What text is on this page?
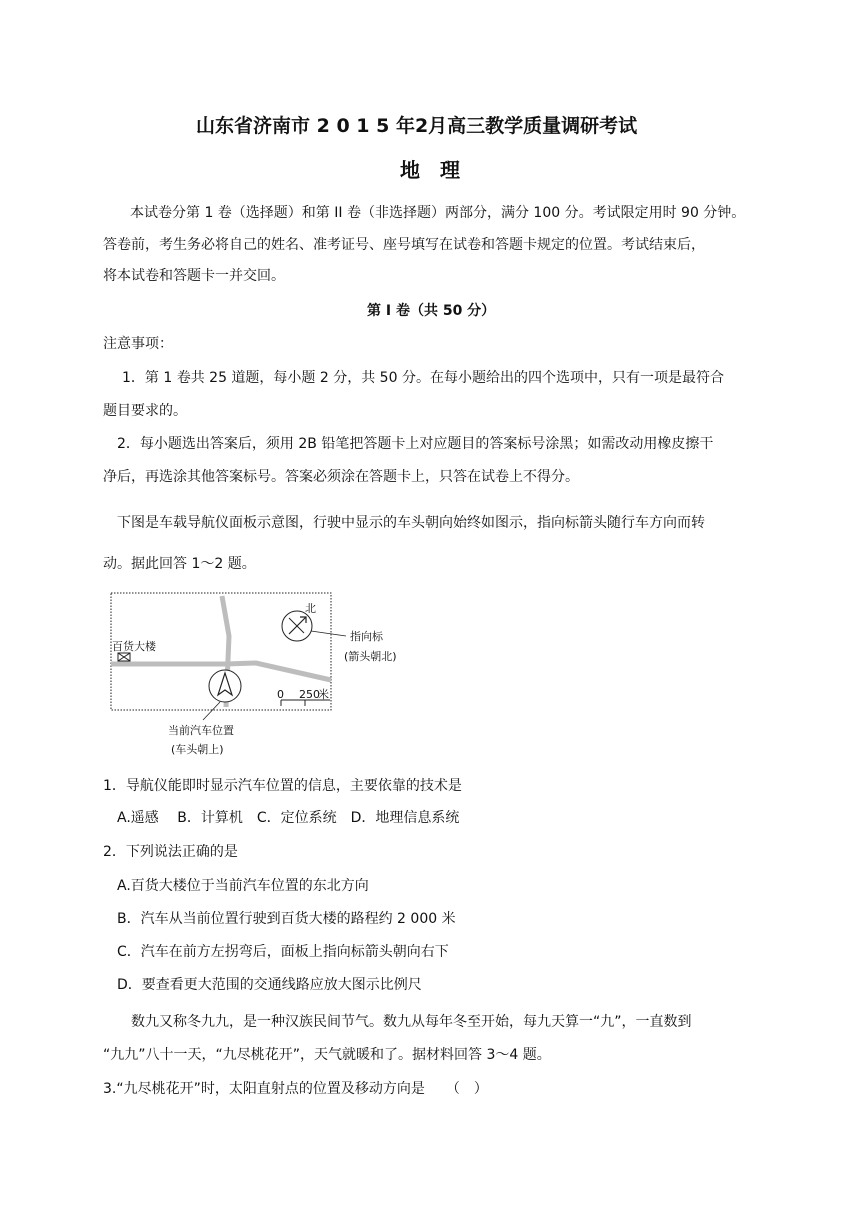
山东省济南市 2 0 1 5 年2月高三教学质量调研考试
地理
本试卷分第 1 卷（选择题）和第 II 卷（非选择题）两部分，满分 100 分。考试限定用时 90 分钟。
答卷前，考生务必将自己的姓名、准考证号、座号填写在试卷和答题卡规定的位置。考试结束后，
将本试卷和答题卡一并交回。
第 I 卷（共 50 分）
注意事项：
1．第 1 卷共 25 道题，每小题 2 分，共 50 分。在每小题给出的四个选项中，只有一项是最符合
题目要求的。
2．每小题选出答案后，须用 2B 铅笔把答题卡上对应题目的答案标号涂黑；如需改动用橡皮擦干
净后，再选涂其他答案标号。答案必须涂在答题卡上，只答在试卷上不得分。
下图是车载导航仪面板示意图，行驶中显示的车头朝向始终如图示，指向标箭头随行车方向而转
动。据此回答 1～2 题。
北
指向标
(箭头朝北)
百货大楼
0 250
米
当前汽车位置
(车头朝上)
1．导航仪能即时显示汽车位置的信息，主要依靠的技术是
A.遥感　 B．计算机　C．定位系统　D．地理信息系统
2．下列说法正确的是
A.百货大楼位于当前汽车位置的东北方向
B．汽车从当前位置行驶到百货大楼的路程约 2 000 米
C．汽车在前方左拐弯后，面板上指向标箭头朝向右下
D．要查看更大范围的交通线路应放大图示比例尺
数九又称冬九九，是一种汉族民间节气。数九从每年冬至开始，每九天算一“九”，一直数到
“九九”八十一天，“九尽桃花开”，天气就暖和了。据材料回答 3～4 题。
3.“九尽桃花开”时，太阳直射点的位置及移动方向是　　（　）
